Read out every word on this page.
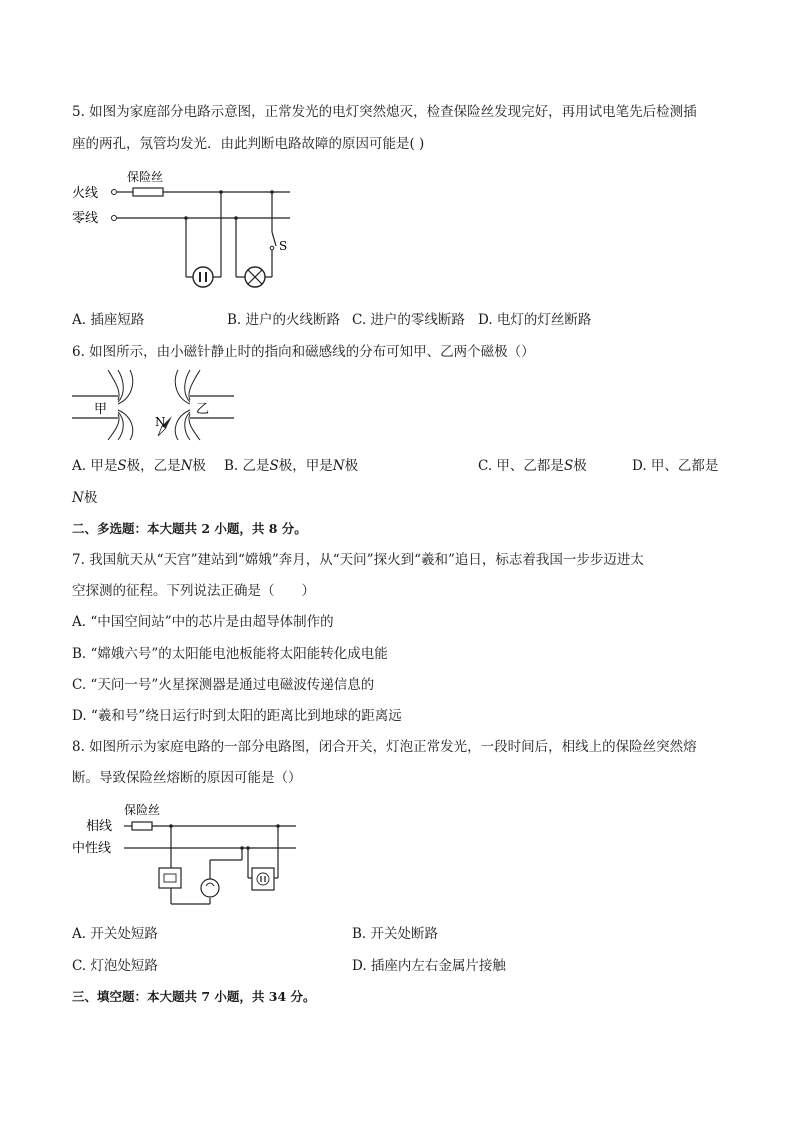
5. 如图为家庭部分电路示意图，正常发光的电灯突然熄灭，检查保险丝发现完好，再用试电笔先后检测插
座的两孔，氖管均发光．由此判断电路故障的原因可能是( )
保险丝
火线
零线
S
A. 插座短路	B. 进户的火线断路 C. 进户的零线断路 D. 电灯的灯丝断路
6. 如图所示，由小磁针静止时的指向和磁感线的分布可知甲、乙两个磁极（）
甲	乙
N
A. 甲是S极，乙是N极 B. 乙是S极，甲是N极	C. 甲、乙都是S极	D. 甲、乙都是
N极
二、多选题：本大题共 2 小题，共 8 分。
7. 我国航天从“天宫”建站到“嫦娥”奔月，从“天问”探火到“羲和”追日，标志着我国一步步迈进太
空探测的征程。下列说法正确是（　　）
A. “中国空间站”中的芯片是由超导体制作的
B. “嫦娥六号”的太阳能电池板能将太阳能转化成电能
C. “天问一号”火星探测器是通过电磁波传递信息的
D. “羲和号”绕日运行时到太阳的距离比到地球的距离远
8. 如图所示为家庭电路的一部分电路图，闭合开关，灯泡正常发光，一段时间后，相线上的保险丝突然熔
断。导致保险丝熔断的原因可能是（）
保险丝
相线
中性线
A. 开关处短路	B. 开关处断路
C. 灯泡处短路	D. 插座内左右金属片接触
三、填空题：本大题共 7 小题，共 34 分。
